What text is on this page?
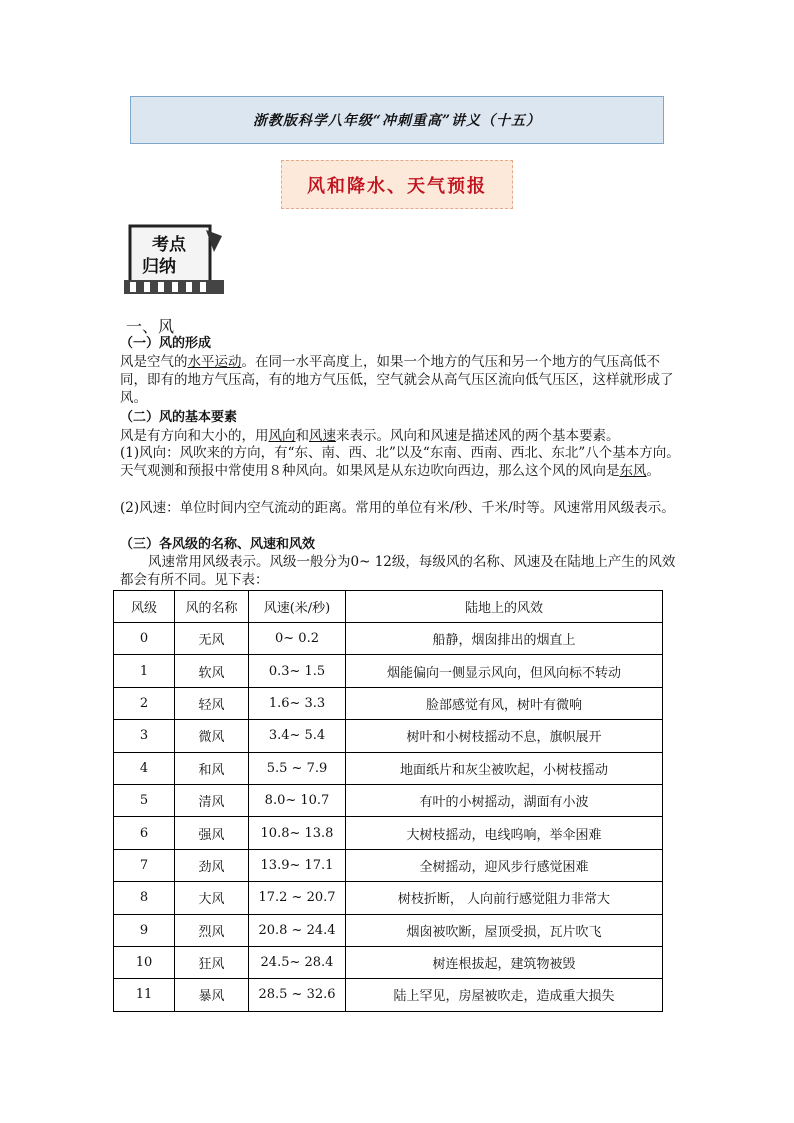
浙教版科学八年级“冲刺重高”讲义（十五）
风和降水、天气预报
考点
归纳
一、风
（一）风的形成
风是空气的水平运动。在同一水平高度上，如果一个地方的气压和另一个地方的气压高低不同，即有的地方气压高，有的地方气压低，空气就会从高气压区流向低气压区，这样就形成了风。
（二）风的基本要素
风是有方向和大小的，用风向和风速来表示。风向和风速是描述风的两个基本要素。
(1)风向：风吹来的方向，有“东、南、西、北”以及“东南、西南、西北、东北”八个基本方向。天气观测和预报中常使用８种风向。如果风是从东边吹向西边，那么这个风的风向是东风。
(2)风速：单位时间内空气流动的距离。常用的单位有米/秒、千米/时等。风速常用风级表示。
（三）各风级的名称、风速和风效
风速常用风级表示。风级一般分为0~ 12级，每级风的名称、风速及在陆地上产生的风效都会有所不同。见下表：
风级	风的名称	风速(米/秒)	陆地上的风效
0	无风	0~ 0.2	船静，烟囱排出的烟直上
1	软风	0.3~ 1.5	烟能偏向一侧显示风向，但风向标不转动
2	轻风	1.6~ 3.3	脸部感觉有风，树叶有微响
3	微风	3.4~ 5.4	树叶和小树枝摇动不息，旗帜展开
4	和风	5.5 ~ 7.9	地面纸片和灰尘被吹起，小树枝摇动
5	清风	8.0~ 10.7	有叶的小树摇动，湖面有小波
6	强风	10.8~ 13.8	大树枝摇动，电线呜响，举伞困难
7	劲风	13.9~ 17.1	全树摇动，迎风步行感觉困难
8	大风	17.2 ~ 20.7	树枝折断， 人向前行感觉阻力非常大
9	烈风	20.8 ~ 24.4	烟囱被吹断，屋顶受损，瓦片吹飞
10	狂风	24.5~ 28.4	树连根拔起，建筑物被毁
11	暴风	28.5 ~ 32.6	陆上罕见，房屋被吹走，造成重大损失
